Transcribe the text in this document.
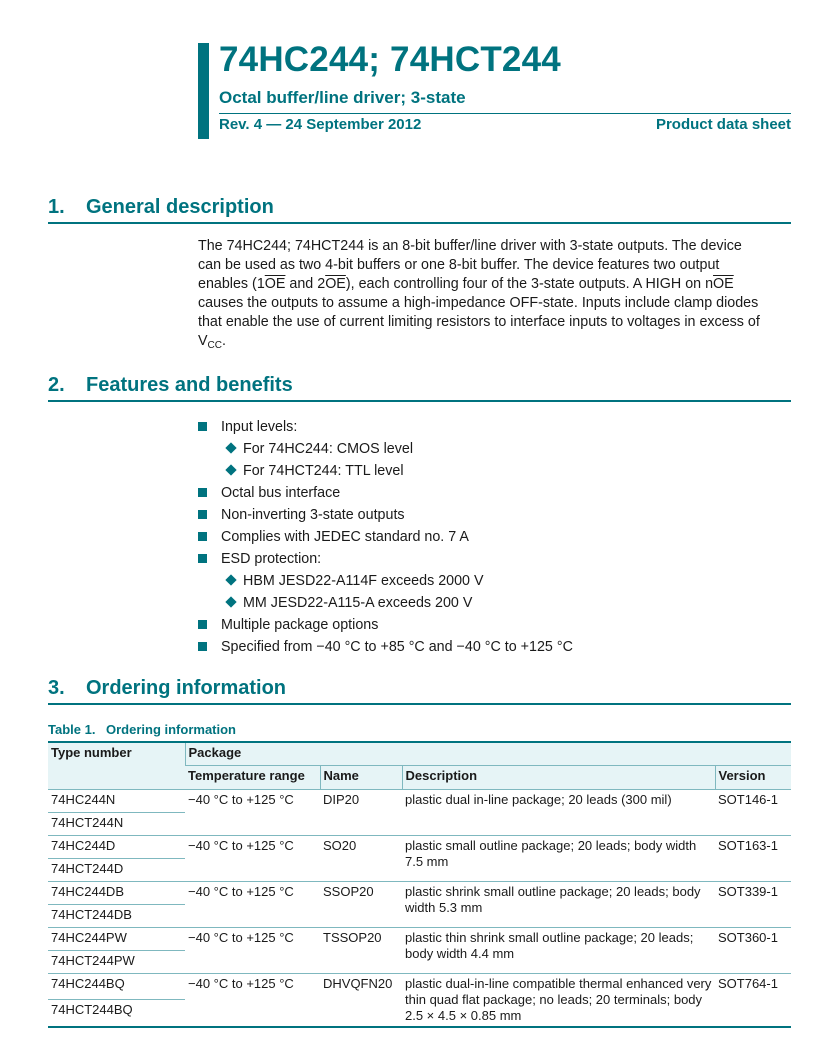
74HC244; 74HCT244
Octal buffer/line driver; 3-state
Rev. 4 — 24 September 2012	Product data sheet
1. General description
The 74HC244; 74HCT244 is an 8-bit buffer/line driver with 3-state outputs. The device
can be used as two 4-bit buffers or one 8-bit buffer. The device features two output
enables ($1\overline{OE}$ and $2\overline{OE}$), each controlling four of the 3-state outputs. A HIGH on $n\overline{OE}$
causes the outputs to assume a high-impedance OFF-state. Inputs include clamp diodes
that enable the use of current limiting resistors to interface inputs to voltages in excess of
$V_{CC}$.
2. Features and benefits
Input levels:
For 74HC244: CMOS level
For 74HCT244: TTL level
Octal bus interface
Non-inverting 3-state outputs
Complies with JEDEC standard no. 7 A
ESD protection:
HBM JESD22-A114F exceeds 2000 V
MM JESD22-A115-A exceeds 200 V
Multiple package options
Specified from −40 °C to +85 °C and −40 °C to +125 °C
3. Ordering information
Table 1. Ordering information
Type number	Package			
	Temperature range	Name	Description	Version
74HC244N	−40 °C to +125 °C	DIP20	plastic dual in-line package; 20 leads (300 mil)	SOT146-1
74HCT244N				
74HC244D	−40 °C to +125 °C	SO20	plastic small outline package; 20 leads; body width 7.5 mm	SOT163-1
74HCT244D				
74HC244DB	−40 °C to +125 °C	SSOP20	plastic shrink small outline package; 20 leads; body width 5.3 mm	SOT339-1
74HCT244DB				
74HC244PW	−40 °C to +125 °C	TSSOP20	plastic thin shrink small outline package; 20 leads; body width 4.4 mm	SOT360-1
74HCT244PW				
74HC244BQ	−40 °C to +125 °C	DHVQFN20	plastic dual-in-line compatible thermal enhanced very thin quad flat package; no leads; 20 terminals; body 2.5 × 4.5 × 0.85 mm	SOT764-1
74HCT244BQ				
